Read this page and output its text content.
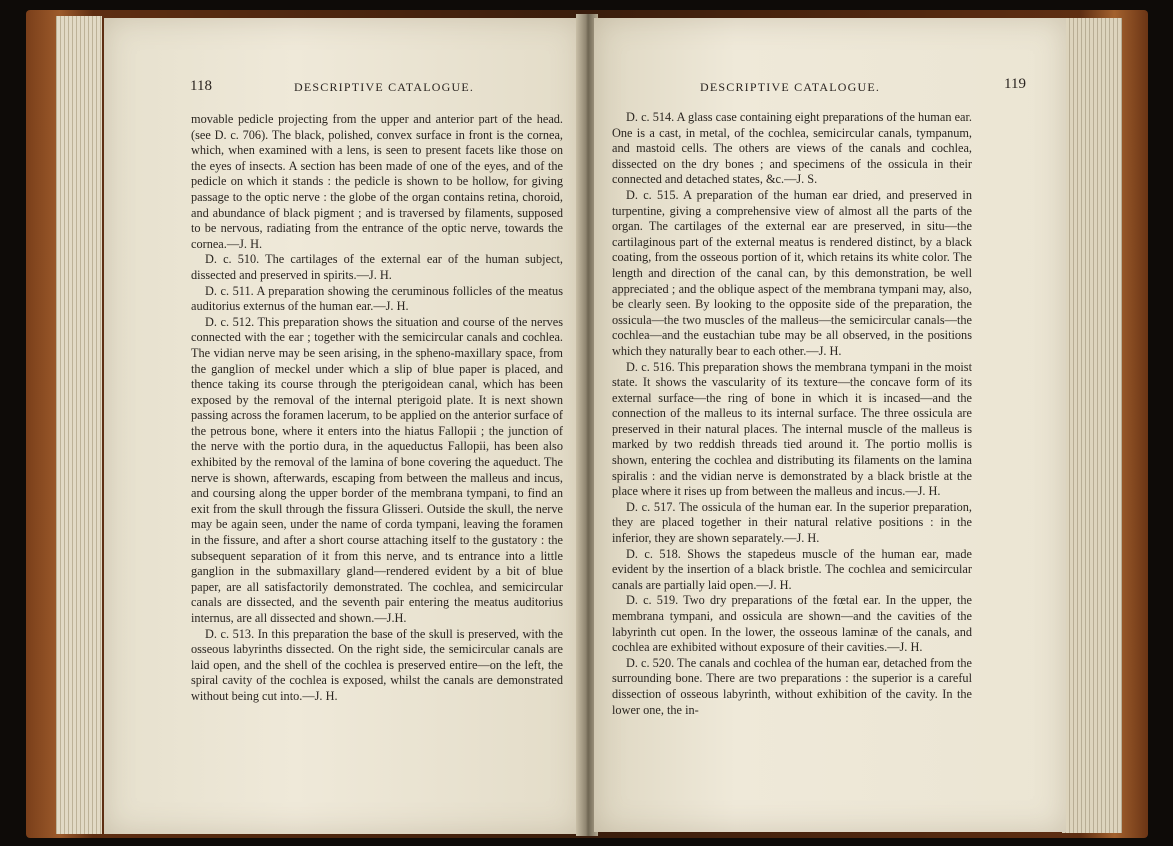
118	DESCRIPTIVE CATALOGUE.

movable pedicle projecting from the upper and anterior part of the head. (see D. c. 706). The black, polished, convex surface in front is the cornea, which, when examined with a lens, is seen to present facets like those on the eyes of insects. A section has been made of one of the eyes, and of the pedicle on which it stands : the pedicle is shown to be hollow, for giving passage to the optic nerve : the globe of the organ contains retina, choroid, and abundance of black pigment ; and is traversed by filaments, supposed to be nervous, radiating from the entrance of the optic nerve, towards the cornea.—J. H.

D. c. 510. The cartilages of the external ear of the human subject, dissected and preserved in spirits.—J. H.

D. c. 511. A preparation showing the ceruminous follicles of the meatus auditorius externus of the human ear.—J. H.

D. c. 512. This preparation shows the situation and course of the nerves connected with the ear ; together with the semicircular canals and cochlea. The vidian nerve may be seen arising, in the spheno-maxillary space, from the ganglion of meckel under which a slip of blue paper is placed, and thence taking its course through the pterigoidean canal, which has been exposed by the removal of the internal pterigoid plate. It is next shown passing across the foramen lacerum, to be applied on the anterior surface of the petrous bone, where it enters into the hiatus Fallopii ; the junction of the nerve with the portio dura, in the aqueductus Fallopii, has been also exhibited by the removal of the lamina of bone covering the aqueduct. The nerve is shown, afterwards, escaping from between the malleus and incus, and coursing along the upper border of the membrana tympani, to find an exit from the skull through the fissura Glisseri. Outside the skull, the nerve may be again seen, under the name of corda tympani, leaving the foramen in the fissure, and after a short course attaching itself to the gustatory : the subsequent separation of it from this nerve, and ts entrance into a little ganglion in the submaxillary gland—rendered evident by a bit of blue paper, are all satisfactorily demonstrated. The cochlea, and semicircular canals are dissected, and the seventh pair entering the meatus auditorius internus, are all dissected and shown.—J.H.

D. c. 513. In this preparation the base of the skull is preserved, with the osseous labyrinths dissected. On the right side, the semicircular canals are laid open, and the shell of the cochlea is preserved entire—on the left, the spiral cavity of the cochlea is exposed, whilst the canals are demonstrated without being cut into.—J. H.

DESCRIPTIVE CATALOGUE.	119

D. c. 514. A glass case containing eight preparations of the human ear. One is a cast, in metal, of the cochlea, semicircular canals, tympanum, and mastoid cells. The others are views of the canals and cochlea, dissected on the dry bones ; and specimens of the ossicula in their connected and detached states, &c.—J. S.

D. c. 515. A preparation of the human ear dried, and preserved in turpentine, giving a comprehensive view of almost all the parts of the organ. The cartilages of the external ear are preserved, in situ—the cartilaginous part of the external meatus is rendered distinct, by a black coating, from the osseous portion of it, which retains its white color. The length and direction of the canal can, by this demonstration, be well appreciated ; and the oblique aspect of the membrana tympani may, also, be clearly seen. By looking to the opposite side of the preparation, the ossicula—the two muscles of the malleus—the semicircular canals—the cochlea—and the eustachian tube may be all observed, in the positions which they naturally bear to each other.—J. H.

D. c. 516. This preparation shows the membrana tympani in the moist state. It shows the vascularity of its texture—the concave form of its external surface—the ring of bone in which it is incased—and the connection of the malleus to its internal surface. The three ossicula are preserved in their natural places. The internal muscle of the malleus is marked by two reddish threads tied around it. The portio mollis is shown, entering the cochlea and distributing its filaments on the lamina spiralis : and the vidian nerve is demonstrated by a black bristle at the place where it rises up from between the malleus and incus.—J. H.

D. c. 517. The ossicula of the human ear. In the superior preparation, they are placed together in their natural relative positions : in the inferior, they are shown separately.—J. H.

D. c. 518. Shows the stapedeus muscle of the human ear, made evident by the insertion of a black bristle. The cochlea and semicircular canals are partially laid open.—J. H.

D. c. 519. Two dry preparations of the fœtal ear. In the upper, the membrana tympani, and ossicula are shown—and the cavities of the labyrinth cut open. In the lower, the osseous laminæ of the canals, and cochlea are exhibited without exposure of their cavities.—J. H.

D. c. 520. The canals and cochlea of the human ear, detached from the surrounding bone. There are two preparations : the superior is a careful dissection of osseous labyrinth, without exhibition of the cavity. In the lower one, the in-
